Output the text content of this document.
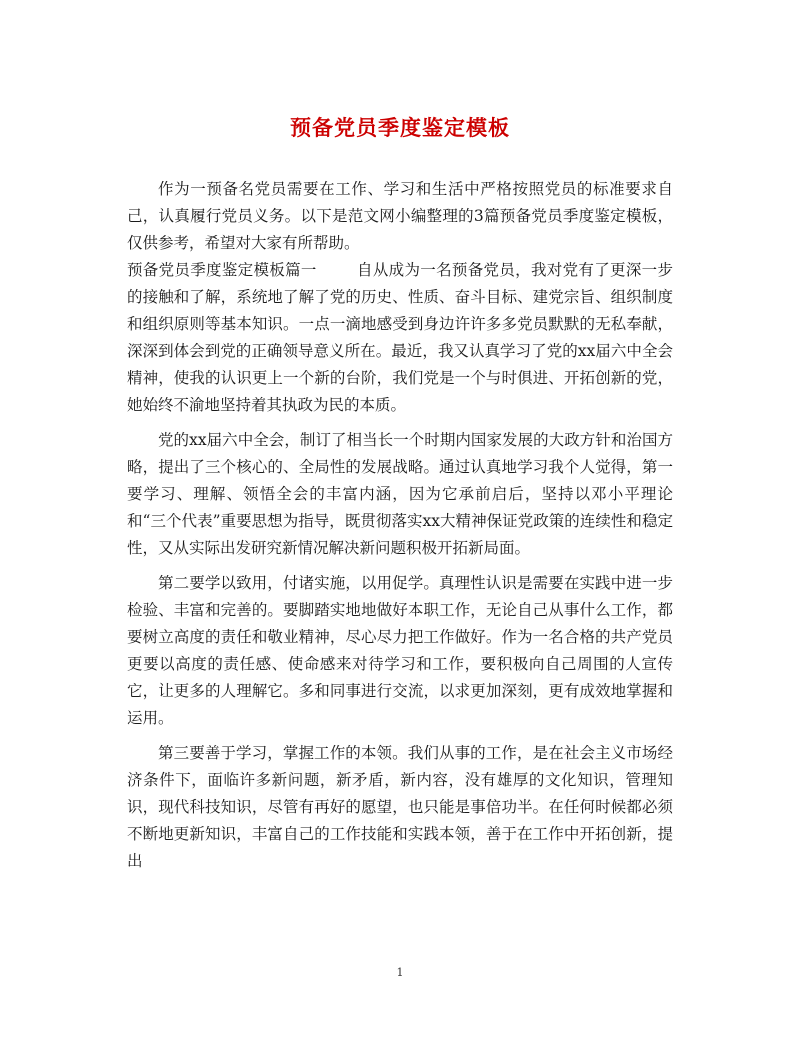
预备党员季度鉴定模板

作为一预备名党员需要在工作、学习和生活中严格按照党员的标准要求自己，认真履行党员义务。以下是范文网小编整理的3篇预备党员季度鉴定模板，仅供参考，希望对大家有所帮助。

预备党员季度鉴定模板篇一	自从成为一名预备党员，我对党有了更深一步的接触和了解，系统地了解了党的历史、性质、奋斗目标、建党宗旨、组织制度和组织原则等基本知识。一点一滴地感受到身边许许多多党员默默的无私奉献，深深到体会到党的正确领导意义所在。最近，我又认真学习了党的xx届六中全会精神，使我的认识更上一个新的台阶，我们党是一个与时俱进、开拓创新的党，她始终不渝地坚持着其执政为民的本质。

党的xx届六中全会，制订了相当长一个时期内国家发展的大政方针和治国方略，提出了三个核心的、全局性的发展战略。通过认真地学习我个人觉得，第一要学习、理解、领悟全会的丰富内涵，因为它承前启后，坚持以邓小平理论和“三个代表”重要思想为指导，既贯彻落实xx大精神保证党政策的连续性和稳定性，又从实际出发研究新情况解决新问题积极开拓新局面。

第二要学以致用，付诸实施，以用促学。真理性认识是需要在实践中进一步检验、丰富和完善的。要脚踏实地地做好本职工作，无论自己从事什么工作，都要树立高度的责任和敬业精神，尽心尽力把工作做好。作为一名合格的共产党员更要以高度的责任感、使命感来对待学习和工作，要积极向自己周围的人宣传它，让更多的人理解它。多和同事进行交流，以求更加深刻，更有成效地掌握和运用。

第三要善于学习，掌握工作的本领。我们从事的工作，是在社会主义市场经济条件下，面临许多新问题，新矛盾，新内容，没有雄厚的文化知识，管理知识，现代科技知识，尽管有再好的愿望，也只能是事倍功半。在任何时候都必须不断地更新知识，丰富自己的工作技能和实践本领，善于在工作中开拓创新，提出

1
